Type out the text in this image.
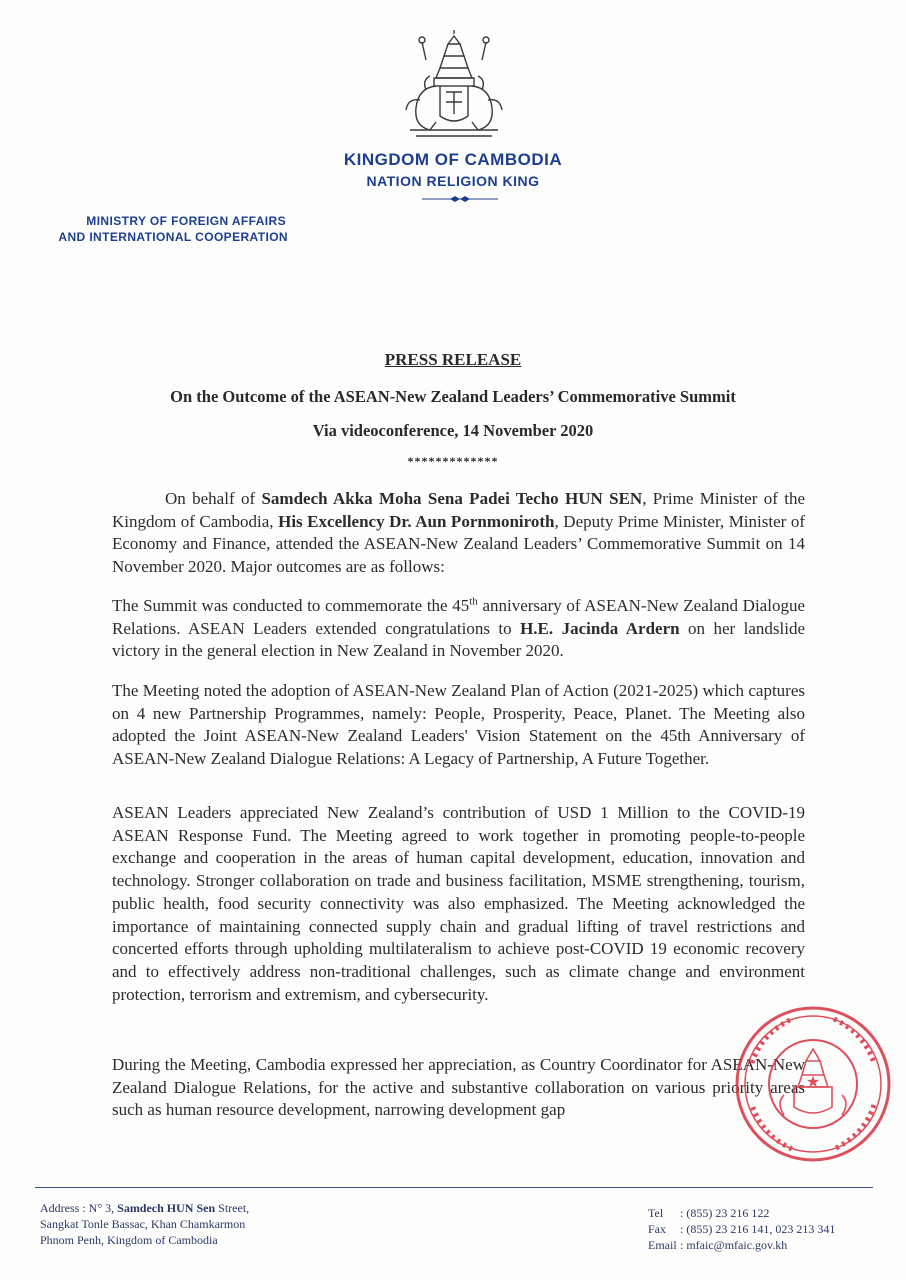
KINGDOM OF CAMBODIA
NATION RELIGION KING
MINISTRY OF FOREIGN AFFAIRS
AND INTERNATIONAL COOPERATION
PRESS RELEASE
On the Outcome of the ASEAN-New Zealand Leaders’ Commemorative Summit
Via videoconference, 14 November 2020
*************
On behalf of Samdech Akka Moha Sena Padei Techo HUN SEN, Prime Minister of the Kingdom of Cambodia, His Excellency Dr. Aun Pornmoniroth, Deputy Prime Minister, Minister of Economy and Finance, attended the ASEAN-New Zealand Leaders’ Commemorative Summit on 14 November 2020. Major outcomes are as follows:
The Summit was conducted to commemorate the 45th anniversary of ASEAN-New Zealand Dialogue Relations. ASEAN Leaders extended congratulations to H.E. Jacinda Ardern on her landslide victory in the general election in New Zealand in November 2020.
The Meeting noted the adoption of ASEAN-New Zealand Plan of Action (2021-2025) which captures on 4 new Partnership Programmes, namely: People, Prosperity, Peace, Planet. The Meeting also adopted the Joint ASEAN-New Zealand Leaders' Vision Statement on the 45th Anniversary of ASEAN-New Zealand Dialogue Relations: A Legacy of Partnership, A Future Together.
ASEAN Leaders appreciated New Zealand’s contribution of USD 1 Million to the COVID-19 ASEAN Response Fund. The Meeting agreed to work together in promoting people-to-people exchange and cooperation in the areas of human capital development, education, innovation and technology. Stronger collaboration on trade and business facilitation, MSME strengthening, tourism, public health, food security connectivity was also emphasized. The Meeting acknowledged the importance of maintaining connected supply chain and gradual lifting of travel restrictions and concerted efforts through upholding multilateralism to achieve post-COVID 19 economic recovery and to effectively address non-traditional challenges, such as climate change and environment protection, terrorism and extremism, and cybersecurity.
During the Meeting, Cambodia expressed her appreciation, as Country Coordinator for ASEAN-New Zealand Dialogue Relations, for the active and substantive collaboration on various priority areas such as human resource development, narrowing development gap
★
Address : N° 3, Samdech HUN Sen Street,
Sangkat Tonle Bassac, Khan Chamkarmon
Phnom Penh, Kingdom of Cambodia
Tel : (855) 23 216 122
Fax : (855) 23 216 141, 023 213 341
Email : mfaic@mfaic.gov.kh
